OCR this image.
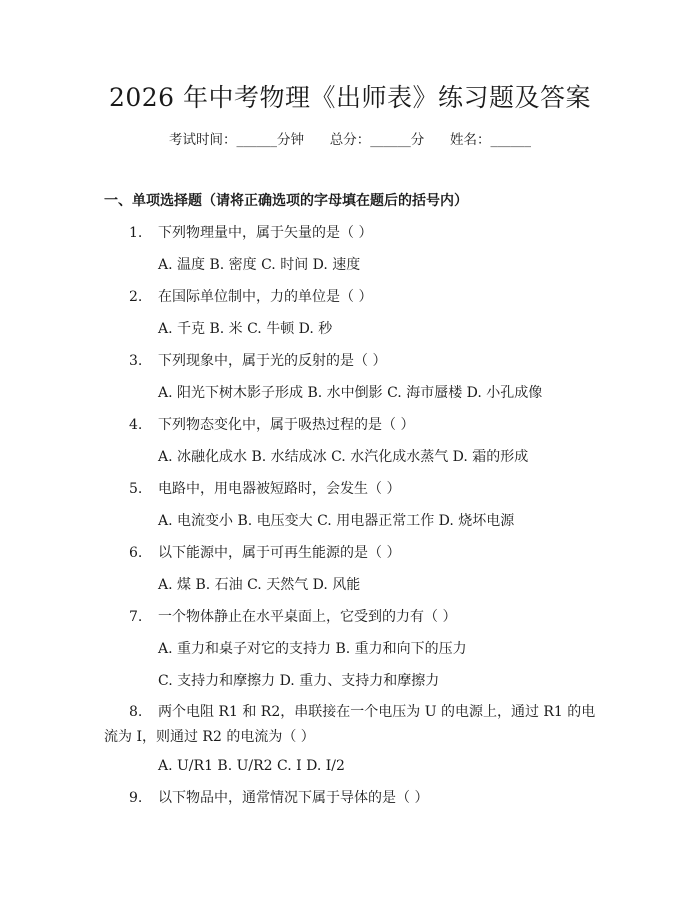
2026 年中考物理《出师表》练习题及答案
考试时间：______分钟 总分：______分 姓名：______
一、单项选择题（请将正确选项的字母填在题后的括号内）
1. 下列物理量中，属于矢量的是（ ）
A. 温度 B. 密度 C. 时间 D. 速度
2. 在国际单位制中，力的单位是（ ）
A. 千克 B. 米 C. 牛顿 D. 秒
3. 下列现象中，属于光的反射的是（ ）
A. 阳光下树木影子形成 B. 水中倒影 C. 海市蜃楼 D. 小孔成像
4. 下列物态变化中，属于吸热过程的是（ ）
A. 冰融化成水 B. 水结成冰 C. 水汽化成水蒸气 D. 霜的形成
5. 电路中，用电器被短路时，会发生（ ）
A. 电流变小 B. 电压变大 C. 用电器正常工作 D. 烧坏电源
6. 以下能源中，属于可再生能源的是（ ）
A. 煤 B. 石油 C. 天然气 D. 风能
7. 一个物体静止在水平桌面上，它受到的力有（ ）
A. 重力和桌子对它的支持力 B. 重力和向下的压力
C. 支持力和摩擦力 D. 重力、支持力和摩擦力
8. 两个电阻 R1 和 R2，串联接在一个电压为 U 的电源上，通过 R1 的电流为 I，则通过 R2 的电流为（ ）
A. U/R1 B. U/R2 C. I D. I/2
9. 以下物品中，通常情况下属于导体的是（ ）
